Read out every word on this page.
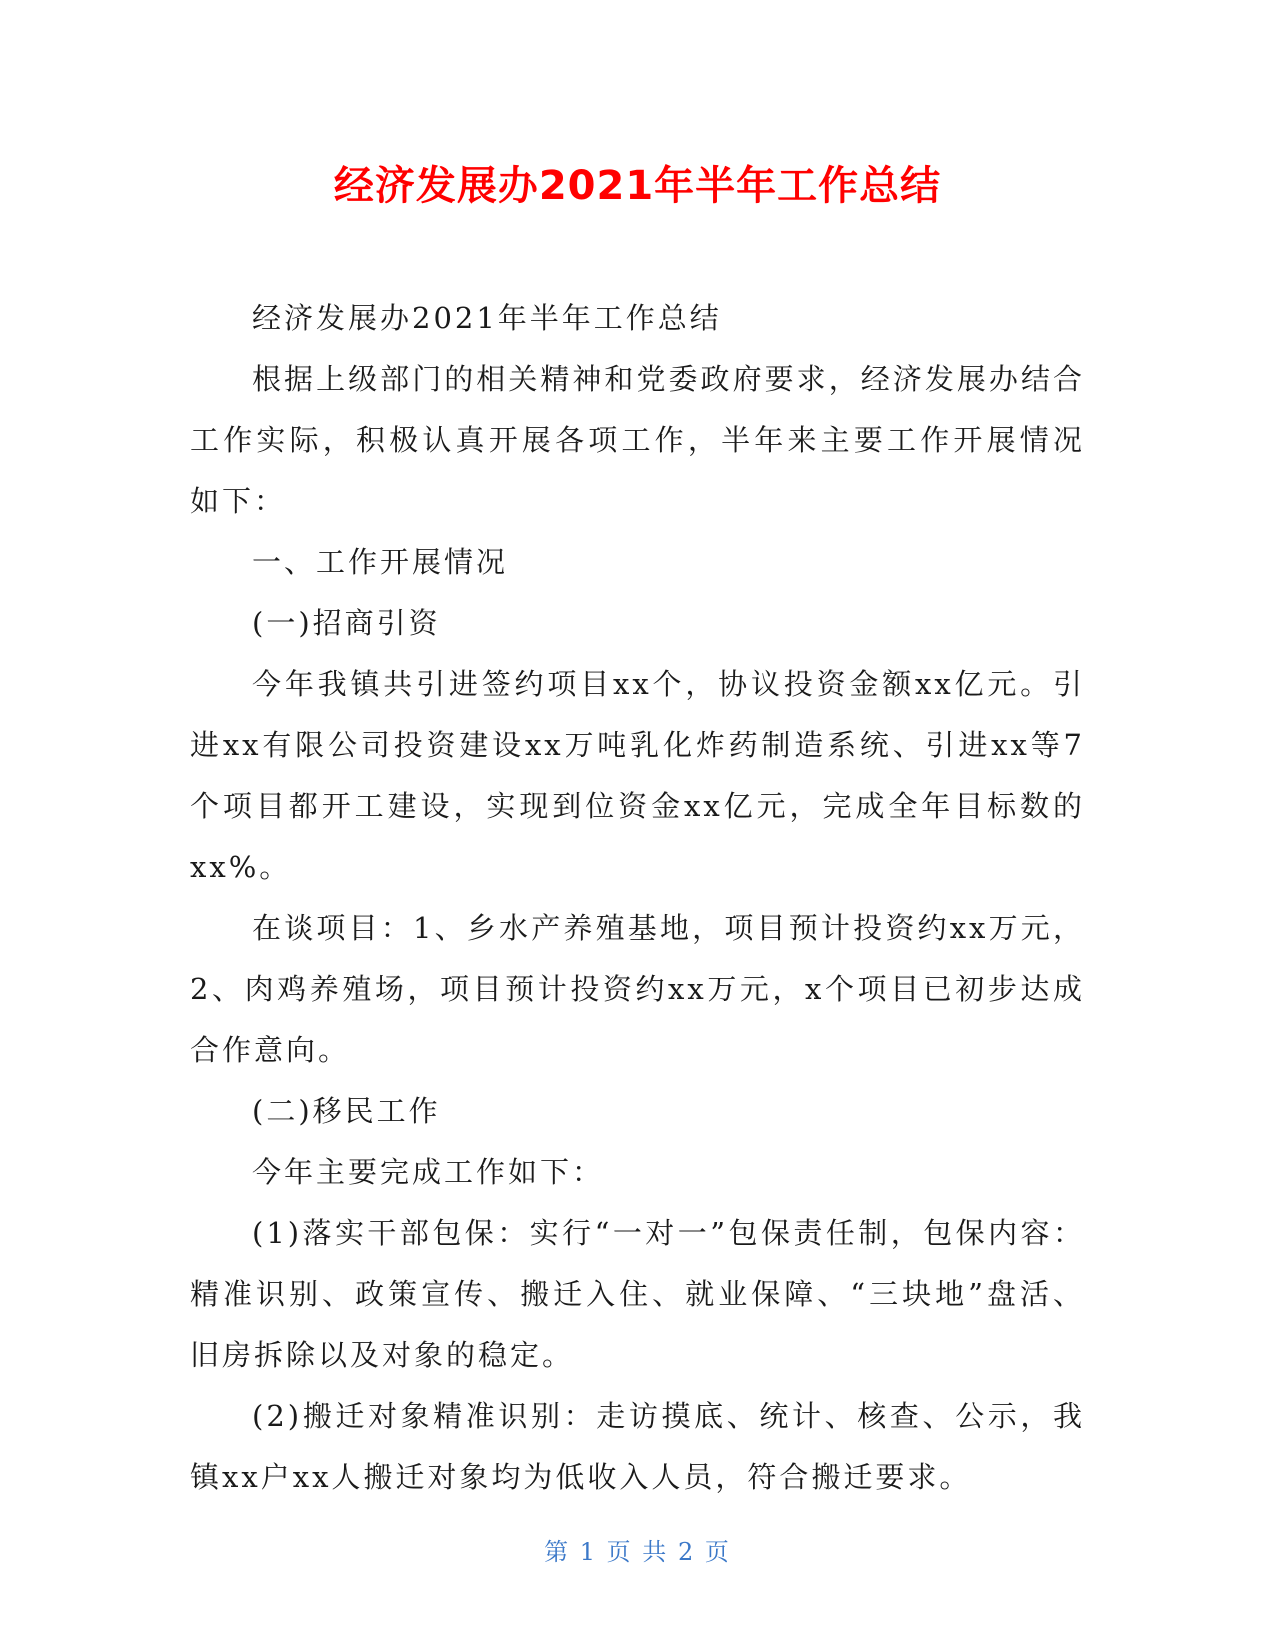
经济发展办2021年半年工作总结

经济发展办2021年半年工作总结

根据上级部门的相关精神和党委政府要求，经济发展办结合工作实际，积极认真开展各项工作，半年来主要工作开展情况如下：

一、工作开展情况

(一)招商引资

今年我镇共引进签约项目xx个，协议投资金额xx亿元。引进xx有限公司投资建设xx万吨乳化炸药制造系统、引进xx等7个项目都开工建设，实现到位资金xx亿元，完成全年目标数的xx%。

在谈项目：1、乡水产养殖基地，项目预计投资约xx万元，2、肉鸡养殖场，项目预计投资约xx万元，x个项目已初步达成合作意向。

(二)移民工作

今年主要完成工作如下：

(1)落实干部包保：实行“一对一”包保责任制，包保内容：精准识别、政策宣传、搬迁入住、就业保障、“三块地”盘活、旧房拆除以及对象的稳定。

(2)搬迁对象精准识别：走访摸底、统计、核查、公示，我镇xx户xx人搬迁对象均为低收入人员，符合搬迁要求。

第 1 页 共 2 页
